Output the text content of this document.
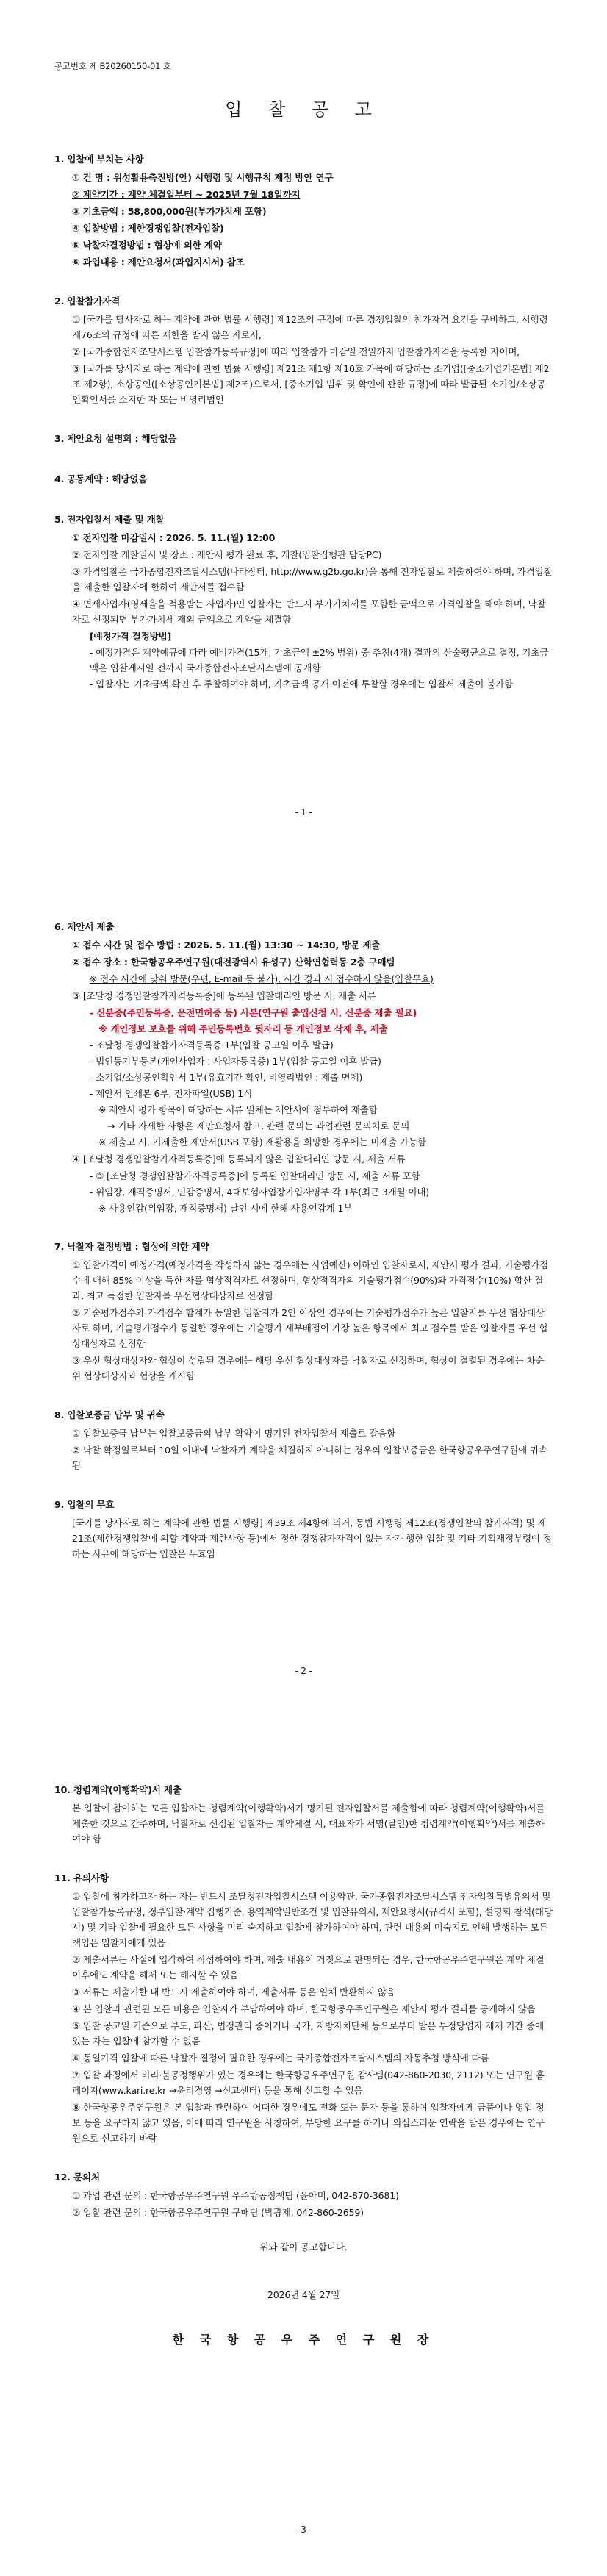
공고번호 제 B20260150-01 호
입 찰 공 고
1. 입찰에 부치는 사항
① 건 명 : 위성활용측진방(안) 시행령 및 시행규칙 제정 방안 연구
② 계약기간 : 계약 체결일부터 ~ 2025년 7월 18일까지
③ 기초금액 : 58,800,000원(부가가치세 포함)
④ 입찰방법 : 제한경쟁입찰(전자입찰)
⑤ 낙찰자결정방법 : 협상에 의한 계약
⑥ 과업내용 : 제안요청서(과업지시서) 참조
2. 입찰참가자격
① [국가를 당사자로 하는 계약에 관한 법률 시행령] 제12조의 규정에 따른 경쟁입찰의 참가자격 요건을 구비하고, 시행령 제76조의 규정에 따른 제한을 받지 않은 자로서,
② [국가종합전자조달시스템 입찰참가등록규정]에 따라 입찰참가 마감일 전일까지 입찰참가자격을 등록한 자이며,
③ [국가를 당사자로 하는 계약에 관한 법률 시행령] 제21조 제1항 제10호 가목에 해당하는 소기업([중소기업기본법] 제2조 제2항), 소상공인([소상공인기본법] 제2조)으로서, [중소기업 범위 및 확인에 관한 규정]에 따라 발급된 소기업/소상공인확인서를 소지한 자 또는 비영리법인
3. 제안요청 설명회 : 해당없음
4. 공동계약 : 해당없음
5. 전자입찰서 제출 및 개찰
① 전자입찰 마감일시 : 2026. 5. 11.(월) 12:00
② 전자입찰 개찰일시 및 장소 : 제안서 평가 완료 후, 개찰(입찰집행관 담당PC)
③ 가격입찰은 국가종합전자조달시스템(나라장터, http://www.g2b.go.kr)을 통해 전자입찰로 제출하여야 하며, 가격입찰을 제출한 입찰자에 한하여 제안서를 접수함
④ 면세사업자(영세율을 적용받는 사업자)인 입찰자는 반드시 부가가치세를 포함한 금액으로 가격입찰을 해야 하며, 낙찰자로 선정되면 부가가치세 제외 금액으로 계약을 체결함
[예정가격 결정방법]
- 예정가격은 계약예규에 따라 예비가격(15개, 기초금액 ±2% 범위) 중 추첨(4개) 결과의 산술평균으로 결정, 기초금액은 입찰게시일 전까지 국가종합전자조달시스템에 공개함
- 입찰자는 기초금액 확인 후 투찰하여야 하며, 기초금액 공개 이전에 투찰할 경우에는 입찰서 제출이 불가함
- 1 -
6. 제안서 제출
① 접수 시간 및 접수 방법 : 2026. 5. 11.(월) 13:30 ~ 14:30, 방문 제출
② 접수 장소 : 한국항공우주연구원(대전광역시 유성구) 산학연협력동 2층 구매팀
※ 접수 시간에 맞춰 방문(우편, E-mail 등 불가), 시간 경과 시 접수하지 않음(입찰무효)
③ [조달청 경쟁입찰참가자격등록증]에 등록된 입찰대리인 방문 시, 제출 서류
- 신분증(주민등록증, 운전면허증 등) 사본(연구원 출입신청 시, 신분증 제출 필요)
※ 개인정보 보호를 위해 주민등록번호 뒷자리 등 개인정보 삭제 후, 제출
- 조달청 경쟁입찰참가자격등록증 1부(입찰 공고일 이후 발급)
- 법인등기부등본(개인사업자 : 사업자등록증) 1부(입찰 공고일 이후 발급)
- 소기업/소상공인확인서 1부(유효기간 확인, 비영리법인 : 제출 면제)
- 제안서 인쇄본 6부, 전자파일(USB) 1식
※ 제안서 평가 항목에 해당하는 서류 일체는 제안서에 첨부하여 제출함
→ 기타 자세한 사항은 제안요청서 참고, 관련 문의는 과업관련 문의처로 문의
※ 제출고 시, 기제출한 제안서(USB 포함) 재활용을 희망한 경우에는 미제출 가능함
④ [조달청 경쟁입찰참가자격등록증]에 등록되지 않은 입찰대리인 방문 시, 제출 서류
- ③ [조달청 경쟁입찰참가자격등록증]에 등록된 입찰대리인 방문 시, 제출 서류 포함
- 위임장, 재직증명서, 인감증명서, 4대보험사업장가입자명부 각 1부(최근 3개월 이내)
※ 사용인감(위임장, 재직증명서) 날인 시에 한해 사용인감계 1부
7. 낙찰자 결정방법 : 협상에 의한 계약
① 입찰가격이 예정가격(예정가격을 작성하지 않는 경우에는 사업예산) 이하인 입찰자로서, 제안서 평가 결과, 기술평가점수에 대해 85% 이상을 득한 자를 협상적격자로 선정하며, 협상적격자의 기술평가점수(90%)와 가격점수(10%) 합산 결과, 최고 득점한 입찰자를 우선협상대상자로 선정함
② 기술평가점수와 가격점수 합계가 동일한 입찰자가 2인 이상인 경우에는 기술평가점수가 높은 입찰자를 우선 협상대상자로 하며, 기술평가점수가 동일한 경우에는 기술평가 세부배점이 가장 높은 항목에서 최고 점수를 받은 입찰자를 우선 협상대상자로 선정함
③ 우선 협상대상자와 협상이 성립된 경우에는 해당 우선 협상대상자를 낙찰자로 선정하며, 협상이 결렬된 경우에는 차순위 협상대상자와 협상을 개시함
8. 입찰보증금 납부 및 귀속
① 입찰보증금 납부는 입찰보증금의 납부 확약이 명기된 전자입찰서 제출로 갈음함
② 낙찰 확정일로부터 10일 이내에 낙찰자가 계약을 체결하지 아니하는 경우의 입찰보증금은 한국항공우주연구원에 귀속됨
9. 입찰의 무효
[국가를 당사자로 하는 계약에 관한 법률 시행령] 제39조 제4항에 의거, 동법 시행령 제12조(경쟁입찰의 참가자격) 및 제21조(제한경쟁입찰에 의할 계약과 제한사항 등)에서 정한 경쟁참가자격이 없는 자가 행한 입찰 및 기타 기획재정부령이 정하는 사유에 해당하는 입찰은 무효임
- 2 -
10. 청렴계약(이행확약)서 제출
본 입찰에 참여하는 모든 입찰자는 청렴계약(이행확약)서가 명기된 전자입찰서를 제출함에 따라 청렴계약(이행확약)서를 제출한 것으로 간주하며, 낙찰자로 선정된 입찰자는 계약체결 시, 대표자가 서명(날인)한 청렴계약(이행확약)서를 제출하여야 함
11. 유의사항
① 입찰에 참가하고자 하는 자는 반드시 조달청전자입찰시스템 이용약관, 국가종합전자조달시스템 전자입찰특별유의서 및 입찰참가등록규정, 정부입찰·계약 집행기준, 용역계약일반조건 및 입찰유의서, 제안요청서(규격서 포함), 설명회 참석(해당 시) 및 기타 입찰에 필요한 모든 사항을 미리 숙지하고 입찰에 참가하여야 하며, 관련 내용의 미숙지로 인해 발생하는 모든 책임은 입찰자에게 있음
② 제출서류는 사실에 입각하여 작성하여야 하며, 제출 내용이 거짓으로 판명되는 경우, 한국항공우주연구원은 계약 체결 이후에도 계약을 해제 또는 해지할 수 있음
③ 서류는 제출기한 내 반드시 제출하여야 하며, 제출서류 등은 일체 반환하지 않음
④ 본 입찰과 관련된 모든 비용은 입찰자가 부담하여야 하며, 한국항공우주연구원은 제안서 평가 결과를 공개하지 않음
⑤ 입찰 공고일 기준으로 부도, 파산, 법정관리 중이거나 국가, 지방자치단체 등으로부터 받은 부정당업자 제재 기간 중에 있는 자는 입찰에 참가할 수 없음
⑥ 동일가격 입찰에 따른 낙찰자 결정이 필요한 경우에는 국가종합전자조달시스템의 자동추첨 방식에 따름
⑦ 입찰 과정에서 비리·불공정행위가 있는 경우에는 한국항공우주연구원 감사팀(042-860-2030, 2112) 또는 연구원 홈페이지(www.kari.re.kr →윤리경영 →신고센터) 등을 통해 신고할 수 있음
⑧ 한국항공우주연구원은 본 입찰과 관련하여 어떠한 경우에도 전화 또는 문자 등을 통하여 입찰자에게 금품이나 영업 정보 등을 요구하지 않고 있음, 이에 따라 연구원을 사칭하여, 부당한 요구를 하거나 의심스러운 연락을 받은 경우에는 연구원으로 신고하기 바람
12. 문의처
① 과업 관련 문의 : 한국항공우주연구원 우주항공정책팀 (윤아미, 042-870-3681)
② 입찰 관련 문의 : 한국항공우주연구원 구매팀 (박광제, 042-860-2659)
위와 같이 공고합니다.
2026년 4월 27일
한 국 항 공 우 주 연 구 원 장
- 3 -
